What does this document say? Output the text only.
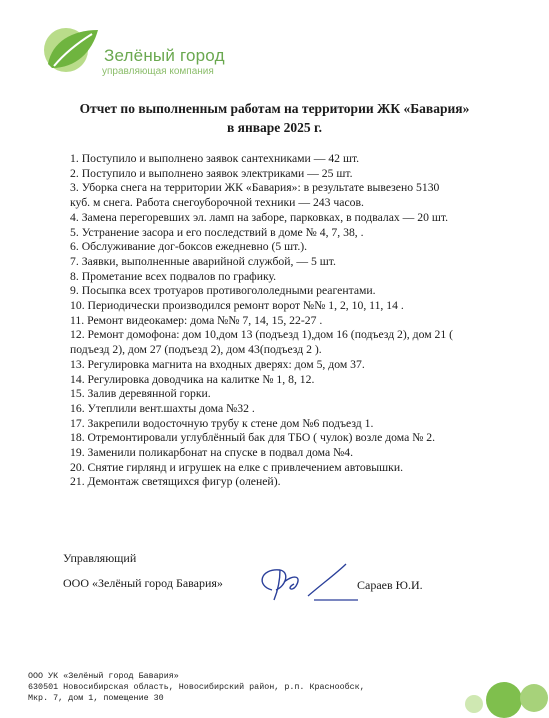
Зелёный город
управляющая компания
Отчет по выполненным работам на территории ЖК «Бавария»
в январе 2025 г.
1. Поступило и выполнено заявок сантехниками — 42 шт.
2. Поступило и выполнено заявок электриками — 25 шт.
3. Уборка снега на территории ЖК «Бавария»: в результате вывезено 5130
куб. м снега. Работа снегоуборочной техники — 243 часов.
4. Замена перегоревших эл. ламп на заборе, парковках, в подвалах — 20 шт.
5. Устранение засора и его последствий в доме № 4, 7, 38, .
6. Обслуживание дог-боксов ежедневно (5 шт.).
7. Заявки, выполненные аварийной службой, — 5 шт.
8. Прометание всех подвалов по графику.
9. Посыпка всех тротуаров противогололедными реагентами.
10. Периодически производился ремонт ворот №№ 1, 2, 10, 11, 14 .
11. Ремонт видеокамер: дома №№ 7, 14, 15, 22-27 .
12. Ремонт домофона: дом 10,дом 13 (подъезд 1),дом 16 (подъезд 2), дом 21 (
подъезд 2), дом 27 (подъезд 2), дом 43(подъезд 2 ).
13. Регулировка магнита на входных дверях: дом 5, дом 37.
14. Регулировка доводчика на калитке № 1, 8, 12.
15. Залив деревянной горки.
16. Утеплили вент.шахты дома №32 .
17. Закрепили водосточную трубу к стене дом №6 подъезд 1.
18. Отремонтировали углублённый бак для ТБО ( чулок) возле дома № 2.
19. Заменили поликарбонат на спуске в подвал дома №4.
20. Снятие гирлянд и игрушек на елке с привлечением автовышки.
21. Демонтаж светящихся фигур (оленей).
Управляющий
ООО «Зелёный город Бавария»	Сараев Ю.И.
ООО УК «Зелёный город Бавария»
630501 Новосибирская область, Новосибирский район, р.п. Краснообск,
Мкр. 7, дом 1, помещение 30
